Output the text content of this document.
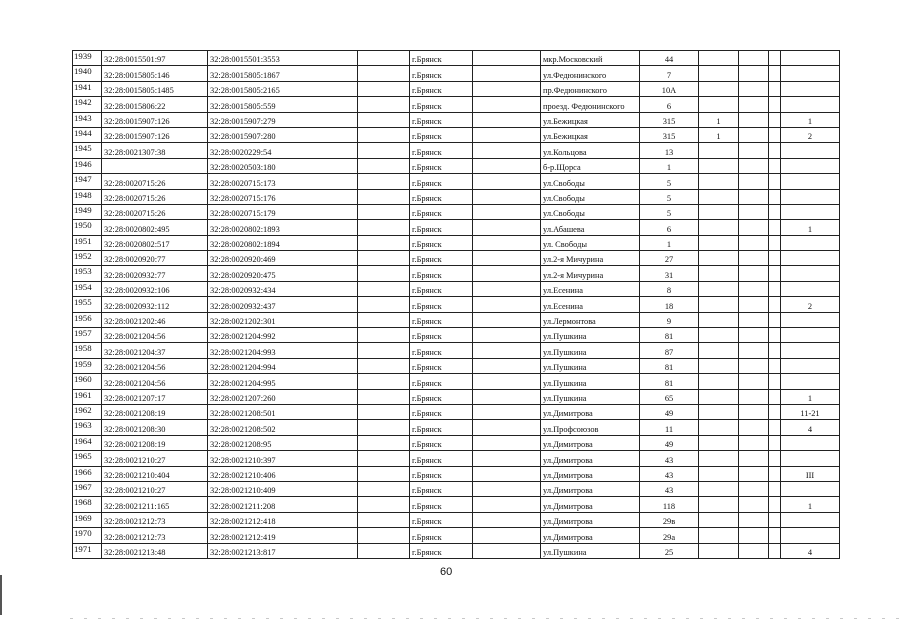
1939	32:28:0015501:97	32:28:0015501:3553		г.Брянск		мкр.Московский	44				
1940	32:28:0015805:146	32:28:0015805:1867		г.Брянск		ул.Федюнинского	7				
1941	32:28:0015805:1485	32:28:0015805:2165		г.Брянск		пр.Федюнинского	10А				
1942	32:28:0015806:22	32:28:0015805:559		г.Брянск		проезд. Федюнинского	6				
1943	32:28:0015907:126	32:28:0015907:279		г.Брянск		ул.Бежицкая	315	1			1
1944	32:28:0015907:126	32:28:0015907:280		г.Брянск		ул.Бежицкая	315	1			2
1945	32:28:0021307:38	32:28:0020229:54		г.Брянск		ул.Кольцова	13				
1946		32:28:0020503:180		г.Брянск		б-р.Щорса	1				
1947	32:28:0020715:26	32:28:0020715:173		г.Брянск		ул.Свободы	5				
1948	32:28:0020715:26	32:28:0020715:176		г.Брянск		ул.Свободы	5				
1949	32:28:0020715:26	32:28:0020715:179		г.Брянск		ул.Свободы	5				
1950	32:28:0020802:495	32:28:0020802:1893		г.Брянск		ул.Абашева	6				1
1951	32:28:0020802:517	32:28:0020802:1894		г.Брянск		ул. Свободы	1				
1952	32:28:0020920:77	32:28:0020920:469		г.Брянск		ул.2-я Мичурина	27				
1953	32:28:0020932:77	32:28:0020920:475		г.Брянск		ул.2-я Мичурина	31				
1954	32:28:0020932:106	32:28:0020932:434		г.Брянск		ул.Есенина	8				
1955	32:28:0020932:112	32:28:0020932:437		г.Брянск		ул.Есенина	18				2
1956	32:28:0021202:46	32:28:0021202:301		г.Брянск		ул.Лермонтова	9				
1957	32:28:0021204:56	32:28:0021204:992		г.Брянск		ул.Пушкина	81				
1958	32:28:0021204:37	32:28:0021204:993		г.Брянск		ул.Пушкина	87				
1959	32:28:0021204:56	32:28:0021204:994		г.Брянск		ул.Пушкина	81				
1960	32:28:0021204:56	32:28:0021204:995		г.Брянск		ул.Пушкина	81				
1961	32:28:0021207:17	32:28:0021207:260		г.Брянск		ул.Пушкина	65				1
1962	32:28:0021208:19	32:28:0021208:501		г.Брянск		ул.Димитрова	49				11-21
1963	32:28:0021208:30	32:28:0021208:502		г.Брянск		ул.Профсоюзов	11				4
1964	32:28:0021208:19	32:28:0021208:95		г.Брянск		ул.Димитрова	49				
1965	32:28:0021210:27	32:28:0021210:397		г.Брянск		ул.Димитрова	43				
1966	32:28:0021210:404	32:28:0021210:406		г.Брянск		ул.Димитрова	43				III
1967	32:28:0021210:27	32:28:0021210:409		г.Брянск		ул.Димитрова	43				
1968	32:28:0021211:165	32:28:0021211:208		г.Брянск		ул.Димитрова	118				1
1969	32:28:0021212:73	32:28:0021212:418		г.Брянск		ул.Димитрова	29в				
1970	32:28:0021212:73	32:28:0021212:419		г.Брянск		ул.Димитрова	29а				
1971	32:28:0021213:48	32:28:0021213:817		г.Брянск		ул.Пушкина	25				4
60
